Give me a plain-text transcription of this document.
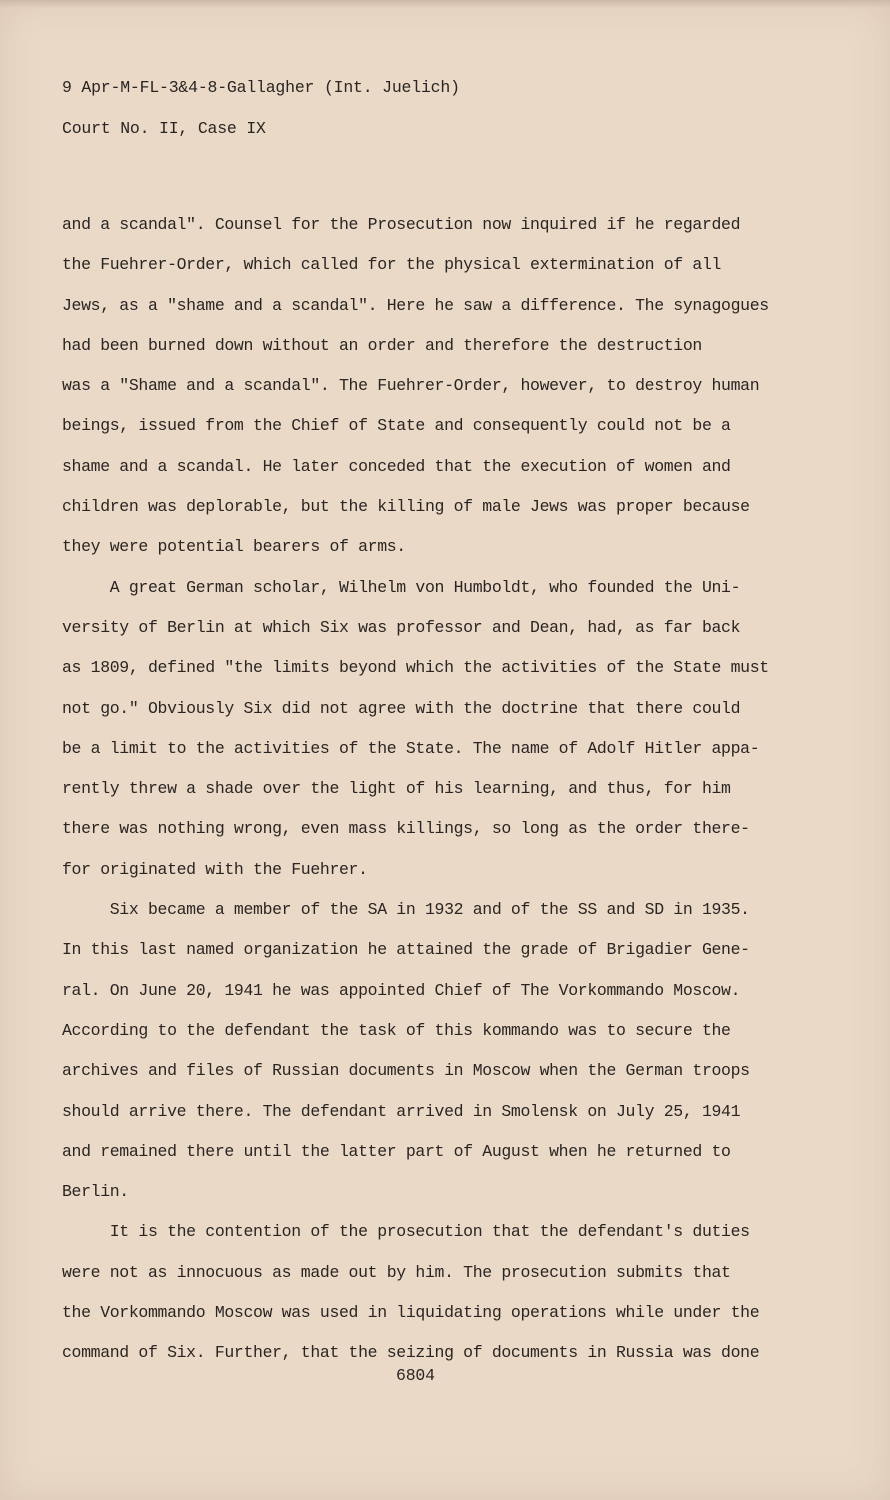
9 Apr-M-FL-3&4-8-Gallagher (Int. Juelich)
Court No. II, Case IX
and a scandal". Counsel for the Prosecution now inquired if he regarded
the Fuehrer-Order, which called for the physical extermination of all
Jews, as a "shame and a scandal". Here he saw a difference. The synagogues
had been burned down without an order and therefore the destruction
was a "Shame and a scandal". The Fuehrer-Order, however, to destroy human
beings, issued from the Chief of State and consequently could not be a
shame and a scandal. He later conceded that the execution of women and
children was deplorable, but the killing of male Jews was proper because
they were potential bearers of arms.
A great German scholar, Wilhelm von Humboldt, who founded the Uni-
versity of Berlin at which Six was professor and Dean, had, as far back
as 1809, defined "the limits beyond which the activities of the State must
not go." Obviously Six did not agree with the doctrine that there could
be a limit to the activities of the State. The name of Adolf Hitler appa-
rently threw a shade over the light of his learning, and thus, for him
there was nothing wrong, even mass killings, so long as the order there-
for originated with the Fuehrer.
Six became a member of the SA in 1932 and of the SS and SD in 1935.
In this last named organization he attained the grade of Brigadier Gene-
ral. On June 20, 1941 he was appointed Chief of The Vorkommando Moscow.
According to the defendant the task of this kommando was to secure the
archives and files of Russian documents in Moscow when the German troops
should arrive there. The defendant arrived in Smolensk on July 25, 1941
and remained there until the latter part of August when he returned to
Berlin.
It is the contention of the prosecution that the defendant's duties
were not as innocuous as made out by him. The prosecution submits that
the Vorkommando Moscow was used in liquidating operations while under the
command of Six. Further, that the seizing of documents in Russia was done
6804
